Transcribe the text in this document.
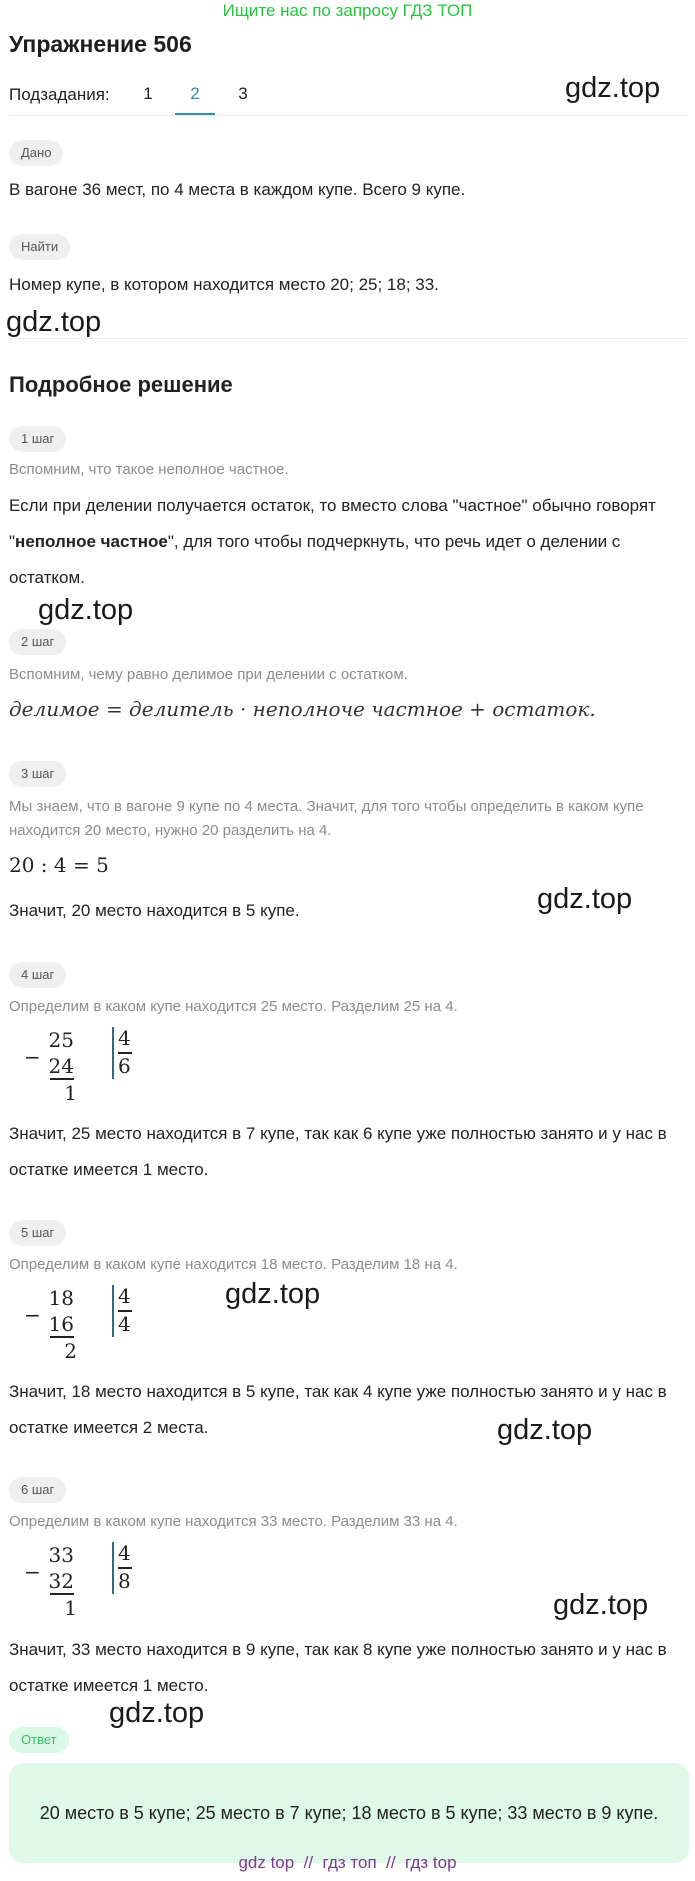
Ищите нас по запросу ГДЗ ТОП
Упражнение 506
Подзадания:	1	2	3	gdz.top
Дано
В вагоне 36 мест, по 4 места в каждом купе. Всего 9 купе.
Найти
Номер купе, в котором находится место 20; 25; 18; 33.
gdz.top
Подробное решение
1 шаг
Вспомним, что такое неполное частное.
Если при делении получается остаток, то вместо слова "частное" обычно говорят "неполное частное", для того чтобы подчеркнуть, что речь идет о делении с остатком.
gdz.top
2 шаг
Вспомним, чему равно делимое при делении с остатком.
делимое = делитель · неполноче частное + остаток.
3 шаг
Мы знаем, что в вагоне 9 купе по 4 места. Значит, для того чтобы определить в каком купе находится 20 место, нужно 20 разделить на 4.
20 : 4 = 5
Значит, 20 место находится в 5 купе.	gdz.top
4 шаг
Определим в каком купе находится 25 место. Разделим 25 на 4.
−
25
24
1
4
6
Значит, 25 место находится в 7 купе, так как 6 купе уже полностью занято и у нас в остатке имеется 1 место.
5 шаг
Определим в каком купе находится 18 место. Разделим 18 на 4.
−
18
16
2
4
4
gdz.top
Значит, 18 место находится в 5 купе, так как 4 купе уже полностью занято и у нас в остатке имеется 2 места.	gdz.top
6 шаг
Определим в каком купе находится 33 место. Разделим 33 на 4.
−
33
32
1
4
8
gdz.top
Значит, 33 место находится в 9 купе, так как 8 купе уже полностью занято и у нас в остатке имеется 1 место.
gdz.top
Ответ
20 место в 5 купе; 25 место в 7 купе; 18 место в 5 купе; 33 место в 9 купе.
gdz top  //  гдз топ  //  гдз top
